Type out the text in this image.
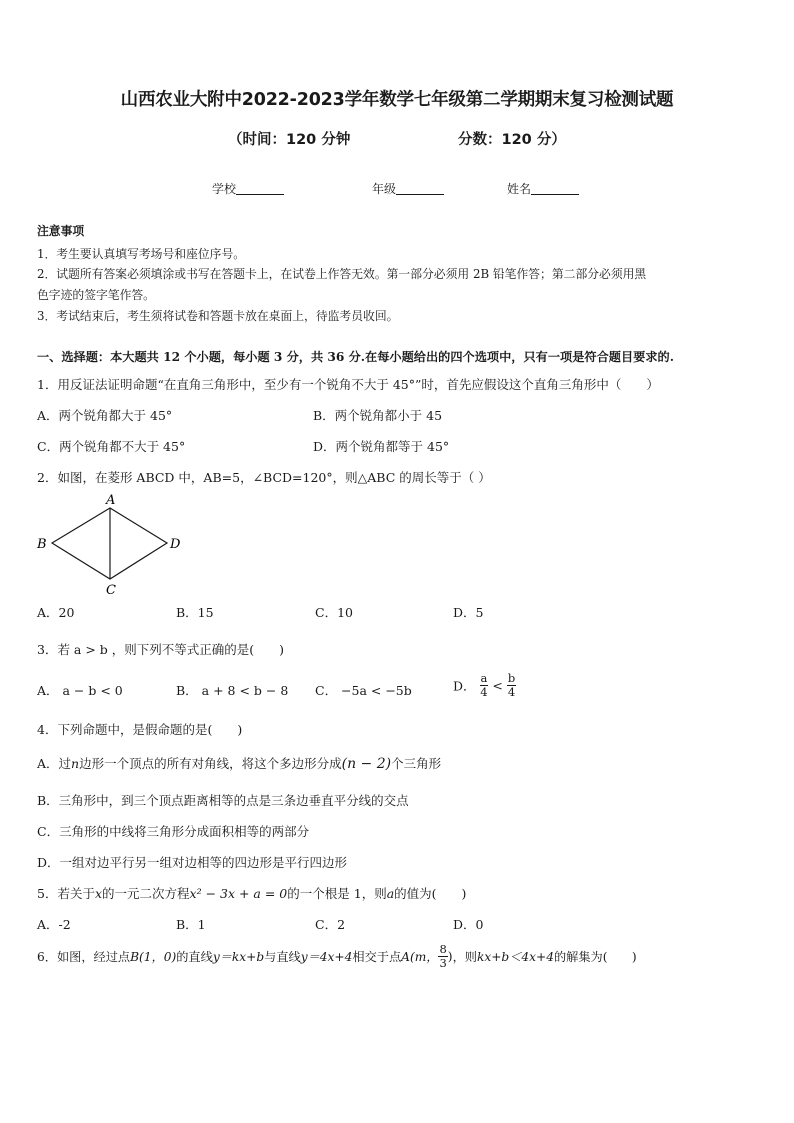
山西农业大附中2022-2023学年数学七年级第二学期期末复习检测试题
（时间：120 分钟	分数：120 分）
学校	年级	姓名
注意事项
1．考生要认真填写考场号和座位序号。
2．试题所有答案必须填涂或书写在答题卡上，在试卷上作答无效。第一部分必须用 2B 铅笔作答；第二部分必须用黑
色字迹的签字笔作答。
3．考试结束后，考生须将试卷和答题卡放在桌面上，待监考员收回。
一、选择题：本大题共 12 个小题，每小题 3 分，共 36 分.在每小题给出的四个选项中，只有一项是符合题目要求的.
1．用反证法证明命题“在直角三角形中，至少有一个锐角不大于 45°”时，首先应假设这个直角三角形中（　　）
A．两个锐角都大于 45°	B．两个锐角都小于 45
C．两个锐角都不大于 45°	D．两个锐角都等于 45°
2．如图，在菱形 ABCD 中，AB=5，∠BCD=120°，则△ABC 的周长等于（ ）
A
B
C
D
A．20	B．15	C．10	D．5
3．若 a > b ，则下列不等式正确的是(　　)
A． a − b < 0	B． a + 8 < b − 8 C． −5a < −5b	D． $\frac{a}{4} < \frac{b}{4}$
4．下列命题中，是假命题的是(　　)
A．过n边形一个顶点的所有对角线，将这个多边形分成(n − 2)个三角形
B．三角形中，到三个顶点距离相等的点是三条边垂直平分线的交点
C．三角形的中线将三角形分成面积相等的两部分
D．一组对边平行另一组对边相等的四边形是平行四边形
5．若关于x的一元二次方程x² − 3x + a = 0的一个根是 1，则a的值为(　　)
A．-2	B．1	C．2	D．0
6．如图，经过点B(1，0)的直线y＝kx+b与直线y＝4x+4相交于点A(m， $\frac{8}{3}$ )，则kx+b＜4x+4的解集为(　　)
